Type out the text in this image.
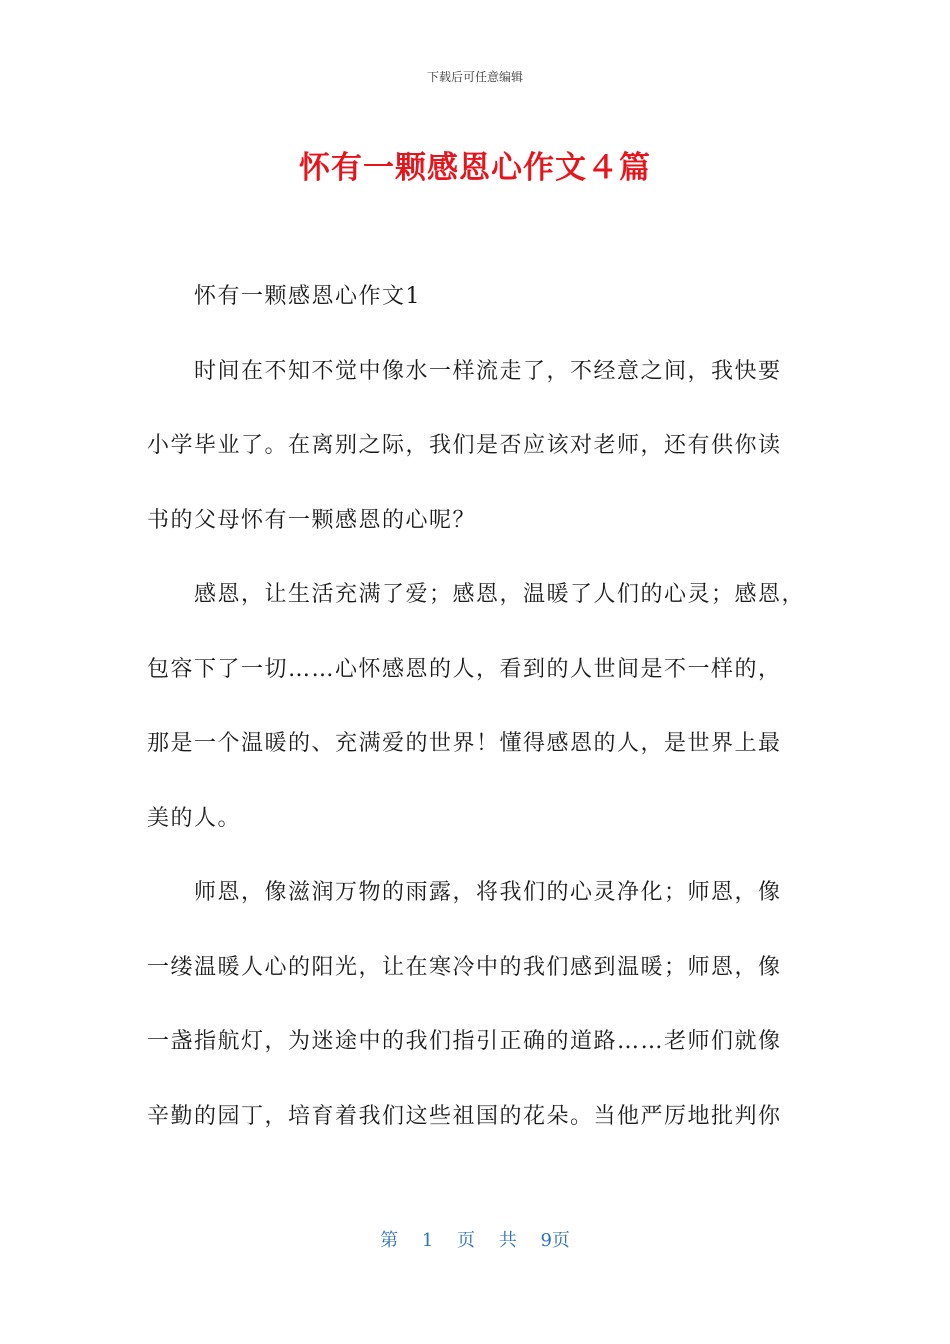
下载后可任意编辑
怀有一颗感恩心作文４篇
怀有一颗感恩心作文1
时间在不知不觉中像水一样流走了，不经意之间，我快要
小学毕业了。在离别之际，我们是否应该对老师，还有供你读
书的父母怀有一颗感恩的心呢？
感恩，让生活充满了爱；感恩，温暖了人们的心灵；感恩，
包容下了一切……心怀感恩的人，看到的人世间是不一样的，
那是一个温暖的、充满爱的世界！懂得感恩的人，是世界上最
美的人。
师恩，像滋润万物的雨露，将我们的心灵净化；师恩，像
一缕温暖人心的阳光，让在寒冷中的我们感到温暖；师恩，像
一盏指航灯，为迷途中的我们指引正确的道路……老师们就像
辛勤的园丁，培育着我们这些祖国的花朵。当他严厉地批判你
第 1 页 共 9页
